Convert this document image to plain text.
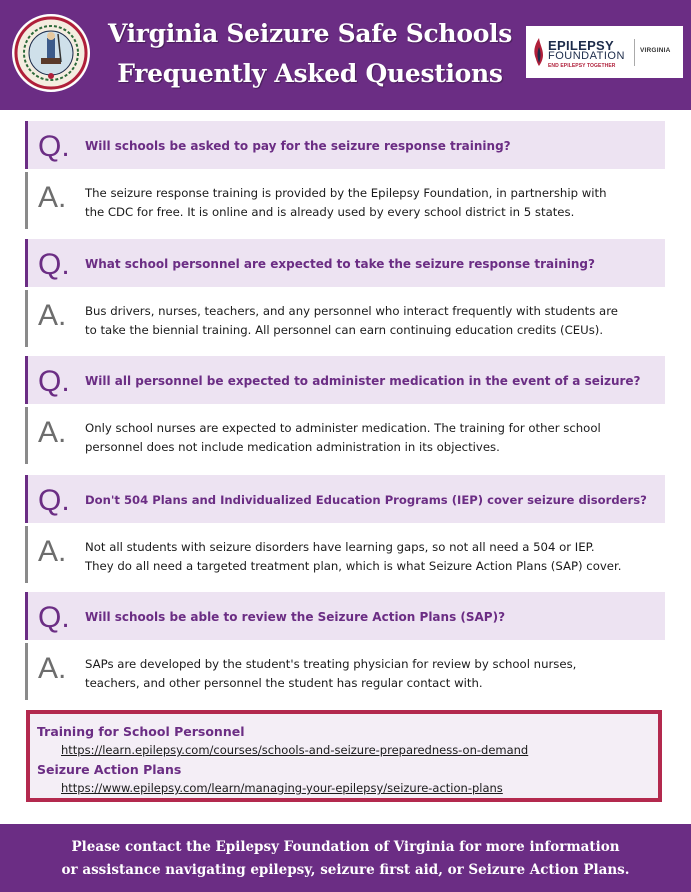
Virginia Seizure Safe Schools
Frequently Asked Questions
EPILEPSY
FOUNDATION
END EPILEPSY TOGETHER
VIRGINIA
Q. Will schools be asked to pay for the seizure response training?
A. The seizure response training is provided by the Epilepsy Foundation, in partnership with
the CDC for free. It is online and is already used by every school district in 5 states.
Q. What school personnel are expected to take the seizure response training?
A. Bus drivers, nurses, teachers, and any personnel who interact frequently with students are
to take the biennial training. All personnel can earn continuing education credits (CEUs).
Q. Will all personnel be expected to administer medication in the event of a seizure?
A. Only school nurses are expected to administer medication. The training for other school
personnel does not include medication administration in its objectives.
Q. Don't 504 Plans and Individualized Education Programs (IEP) cover seizure disorders?
A. Not all students with seizure disorders have learning gaps, so not all need a 504 or IEP.
They do all need a targeted treatment plan, which is what Seizure Action Plans (SAP) cover.
Q. Will schools be able to review the Seizure Action Plans (SAP)?
A. SAPs are developed by the student's treating physician for review by school nurses,
teachers, and other personnel the student has regular contact with.
Training for School Personnel
https://learn.epilepsy.com/courses/schools-and-seizure-preparedness-on-demand
Seizure Action Plans
https://www.epilepsy.com/learn/managing-your-epilepsy/seizure-action-plans
Please contact the Epilepsy Foundation of Virginia for more information
or assistance navigating epilepsy, seizure first aid, or Seizure Action Plans.
